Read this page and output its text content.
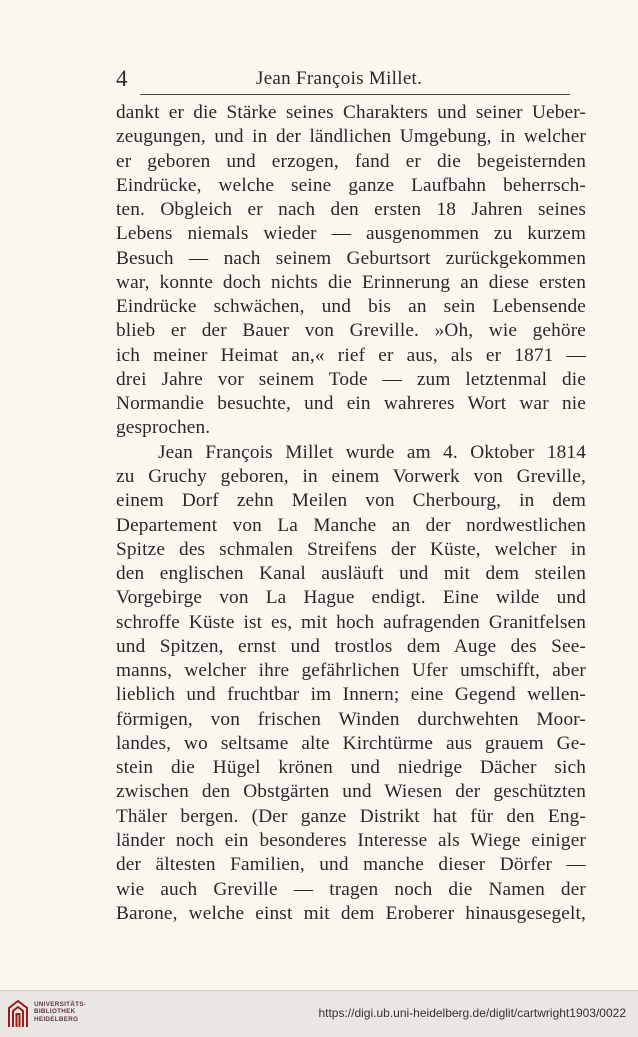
4	Jean François Millet.
dankt er die Stärke seines Charakters und seiner Ueber-
zeugungen, und in der ländlichen Umgebung, in welcher
er geboren und erzogen, fand er die begeisternden
Eindrücke, welche seine ganze Laufbahn beherrsch-
ten. Obgleich er nach den ersten 18 Jahren seines
Lebens niemals wieder — ausgenommen zu kurzem
Besuch — nach seinem Geburtsort zurückgekommen
war, konnte doch nichts die Erinnerung an diese ersten
Eindrücke schwächen, und bis an sein Lebensende
blieb er der Bauer von Greville. »Oh, wie gehöre
ich meiner Heimat an,« rief er aus, als er 1871 —
drei Jahre vor seinem Tode — zum letztenmal die
Normandie besuchte, und ein wahreres Wort war nie
gesprochen.
Jean François Millet wurde am 4. Oktober 1814
zu Gruchy geboren, in einem Vorwerk von Greville,
einem Dorf zehn Meilen von Cherbourg, in dem
Departement von La Manche an der nordwestlichen
Spitze des schmalen Streifens der Küste, welcher in
den englischen Kanal ausläuft und mit dem steilen
Vorgebirge von La Hague endigt. Eine wilde und
schroffe Küste ist es, mit hoch aufragenden Granitfelsen
und Spitzen, ernst und trostlos dem Auge des See-
manns, welcher ihre gefährlichen Ufer umschifft, aber
lieblich und fruchtbar im Innern; eine Gegend wellen-
förmigen, von frischen Winden durchwehten Moor-
landes, wo seltsame alte Kirchtürme aus grauem Ge-
stein die Hügel krönen und niedrige Dächer sich
zwischen den Obstgärten und Wiesen der geschützten
Thäler bergen. (Der ganze Distrikt hat für den Eng-
länder noch ein besonderes Interesse als Wiege einiger
der ältesten Familien, und manche dieser Dörfer —
wie auch Greville — tragen noch die Namen der
Barone, welche einst mit dem Eroberer hinausgesegelt,
UNIVERSITÄTS-
BIBLIOTHEK
HEIDELBERG	https://digi.ub.uni-heidelberg.de/diglit/cartwright1903/0022
